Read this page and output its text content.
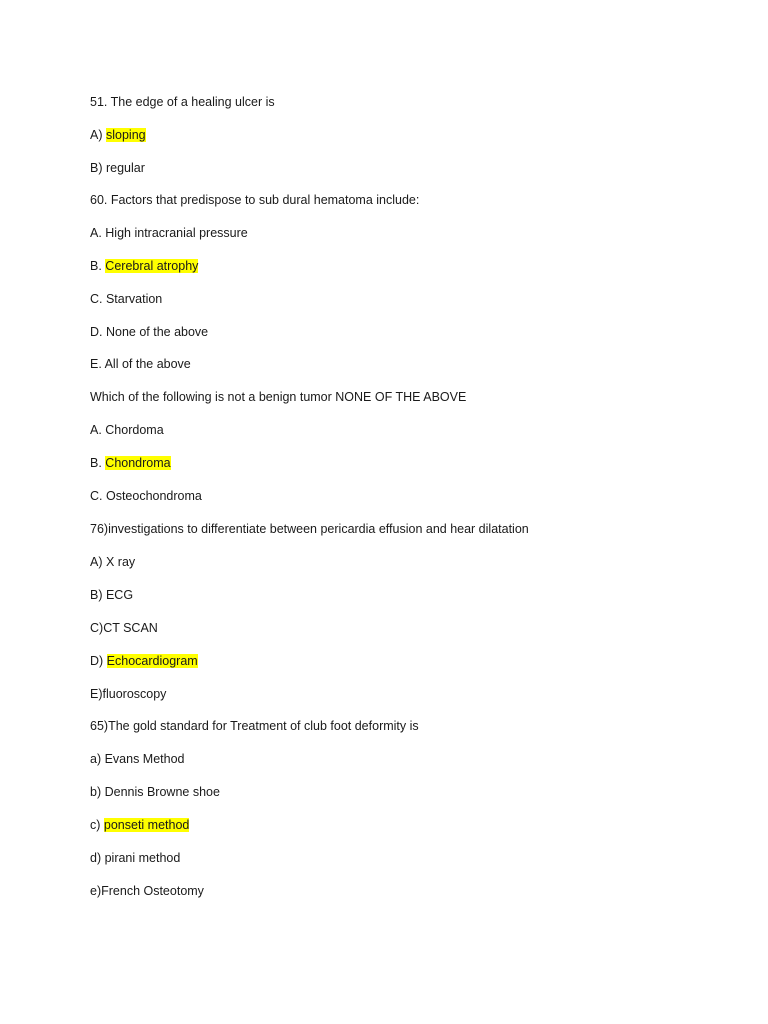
51. The edge of a healing ulcer is
A) sloping
B) regular
60. Factors that predispose to sub dural hematoma include:
A. High intracranial pressure
B. Cerebral atrophy
C. Starvation
D. None of the above
E. All of the above
Which of the following is not a benign tumor NONE OF THE ABOVE
A. Chordoma
B. Chondroma
C. Osteochondroma
76)investigations to differentiate between pericardia effusion and hear dilatation
A) X ray
B) ECG
C)CT SCAN
D) Echocardiogram
E)fluoroscopy
65)The gold standard for Treatment of club foot deformity is
a) Evans Method
b) Dennis Browne shoe
c) ponseti method
d) pirani method
e)French Osteotomy
